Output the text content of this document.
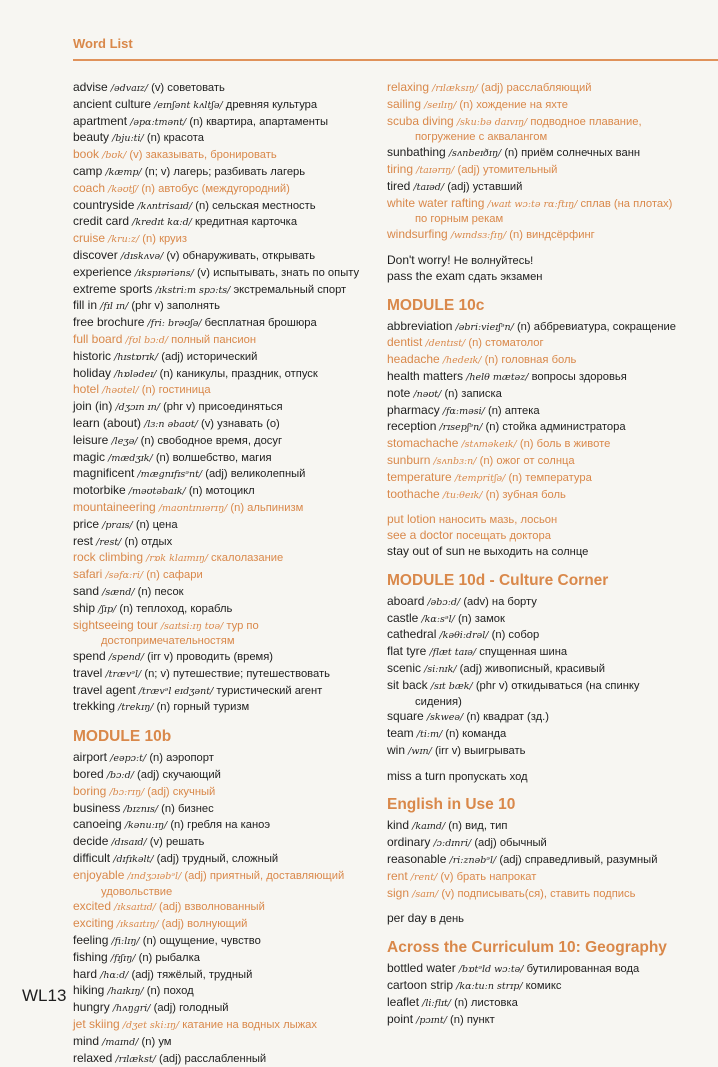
Word List
advise /ədvaɪz/ (v) советовать
ancient culture /eɪnʃənt kʌltʃə/ древняя культура
apartment /əpɑːtmənt/ (n) квартира, апартаменты
beauty /bjuːti/ (n) красота
book /bʊk/ (v) заказывать, бронировать
camp /kæmp/ (n; v) лагерь; разбивать лагерь
coach /kəʊtʃ/ (n) автобус (междугородний)
countryside /kʌntrisaɪd/ (n) сельская местность
credit card /kredɪt kɑːd/ кредитная карточка
cruise /kruːz/ (n) круиз
discover /dɪskʌvə/ (v) обнаруживать, открывать
experience /ɪkspɪəriəns/ (v) испытывать, знать по опыту
extreme sports /ɪkstriːm spɔːts/ экстремальный спорт
fill in /fɪl ɪn/ (phr v) заполнять
free brochure /friː brəʊʃə/ бесплатная брошюра
full board /fʊl bɔːd/ полный пансион
historic /hɪstɒrɪk/ (adj) исторический
holiday /hɒlədeɪ/ (n) каникулы, праздник, отпуск
hotel /həʊtel/ (n) гостиница
join (in) /dʒɔɪn ɪn/ (phr v) присоединяться
learn (about) /lɜːn əbaʊt/ (v) узнавать (о)
leisure /leʒə/ (n) свободное время, досуг
magic /mædʒɪk/ (n) волшебство, магия
magnificent /mægnɪfɪsᵊnt/ (adj) великолепный
motorbike /məʊtəbaɪk/ (n) мотоцикл
mountaineering /maʊntɪnɪərɪŋ/ (n) альпинизм
price /praɪs/ (n) цена
rest /rest/ (n) отдых
rock climbing /rɒk klaɪmɪŋ/ скалолазание
safari /səfɑːri/ (n) сафари
sand /sænd/ (n) песок
ship /ʃɪp/ (n) теплоход, корабль
sightseeing tour /saɪtsiːɪŋ tʊə/ тур по
достопримечательностям
spend /spend/ (irr v) проводить (время)
travel /trævᵊl/ (n; v) путешествие; путешествовать
travel agent /trævᵊl eɪdʒənt/ туристический агент
trekking /trekɪŋ/ (n) горный туризм
MODULE 10b
airport /eəpɔːt/ (n) аэропорт
bored /bɔːd/ (adj) скучающий
boring /bɔːrɪŋ/ (adj) скучный
business /bɪznɪs/ (n) бизнес
canoeing /kənuːɪŋ/ (n) гребля на каноэ
decide /dɪsaɪd/ (v) решать
difficult /dɪfɪkəlt/ (adj) трудный, сложный
enjoyable /ɪndʒɔɪəbᵊl/ (adj) приятный, доставляющий
удовольствие
excited /ɪksaɪtɪd/ (adj) взволнованный
exciting /ɪksaɪtɪŋ/ (adj) волнующий
feeling /fiːlɪŋ/ (n) ощущение, чувство
fishing /fɪʃɪŋ/ (n) рыбалка
hard /hɑːd/ (adj) тяжёлый, трудный
hiking /haɪkɪŋ/ (n) поход
hungry /hʌŋgri/ (adj) голодный
jet skiing /dʒet skiːɪŋ/ катание на водных лыжах
mind /maɪnd/ (n) ум
relaxed /rɪlækst/ (adj) расслабленный
relaxing /rɪlæksɪŋ/ (adj) расслабляющий
sailing /seɪlɪŋ/ (n) хождение на яхте
scuba diving /skuːbə daɪvɪŋ/ подводное плавание,
погружение с аквалангом
sunbathing /sʌnbeɪðɪŋ/ (n) приём солнечных ванн
tiring /taɪərɪŋ/ (adj) утомительный
tired /taɪəd/ (adj) уставший
white water rafting /waɪt wɔːtə rɑːftɪŋ/ сплав (на плотах)
по горным рекам
windsurfing /wɪndsɜːfɪŋ/ (n) виндсёрфинг
Don't worry! Не волнуйтесь!
pass the exam сдать экзамен
MODULE 10c
abbreviation /əbriːvieɪʃᵊn/ (n) аббревиатура, сокращение
dentist /dentɪst/ (n) стоматолог
headache /hedeɪk/ (n) головная боль
health matters /helθ mætəz/ вопросы здоровья
note /nəʊt/ (n) записка
pharmacy /fɑːməsi/ (n) аптека
reception /rɪsepʃᵊn/ (n) стойка администратора
stomachache /stʌməkeɪk/ (n) боль в животе
sunburn /sʌnbɜːn/ (n) ожог от солнца
temperature /tempritʃə/ (n) температура
toothache /tuːθeɪk/ (n) зубная боль
put lotion наносить мазь, лосьон
see a doctor посещать доктора
stay out of sun не выходить на солнце
MODULE 10d - Culture Corner
aboard /əbɔːd/ (adv) на борту
castle /kɑːsᵊl/ (n) замок
cathedral /kəθiːdrəl/ (n) собор
flat tyre /flæt taɪə/ спущенная шина
scenic /siːnɪk/ (adj) живописный, красивый
sit back /sɪt bæk/ (phr v) откидываться (на спинку
сидения)
square /skweə/ (n) квадрат (зд.)
team /tiːm/ (n) команда
win /wɪn/ (irr v) выигрывать
miss a turn пропускать ход
English in Use 10
kind /kaɪnd/ (n) вид, тип
ordinary /ɔːdɪnri/ (adj) обычный
reasonable /riːznəbᵊl/ (adj) справедливый, разумный
rent /rent/ (v) брать напрокат
sign /saɪn/ (v) подписывать(ся), ставить подпись
per day в день
Across the Curriculum 10: Geography
bottled water /bɒtᵊld wɔːtə/ бутилированная вода
cartoon strip /kɑːtuːn strɪp/ комикс
leaflet /liːflɪt/ (n) листовка
point /pɔɪnt/ (n) пункт
WL13
